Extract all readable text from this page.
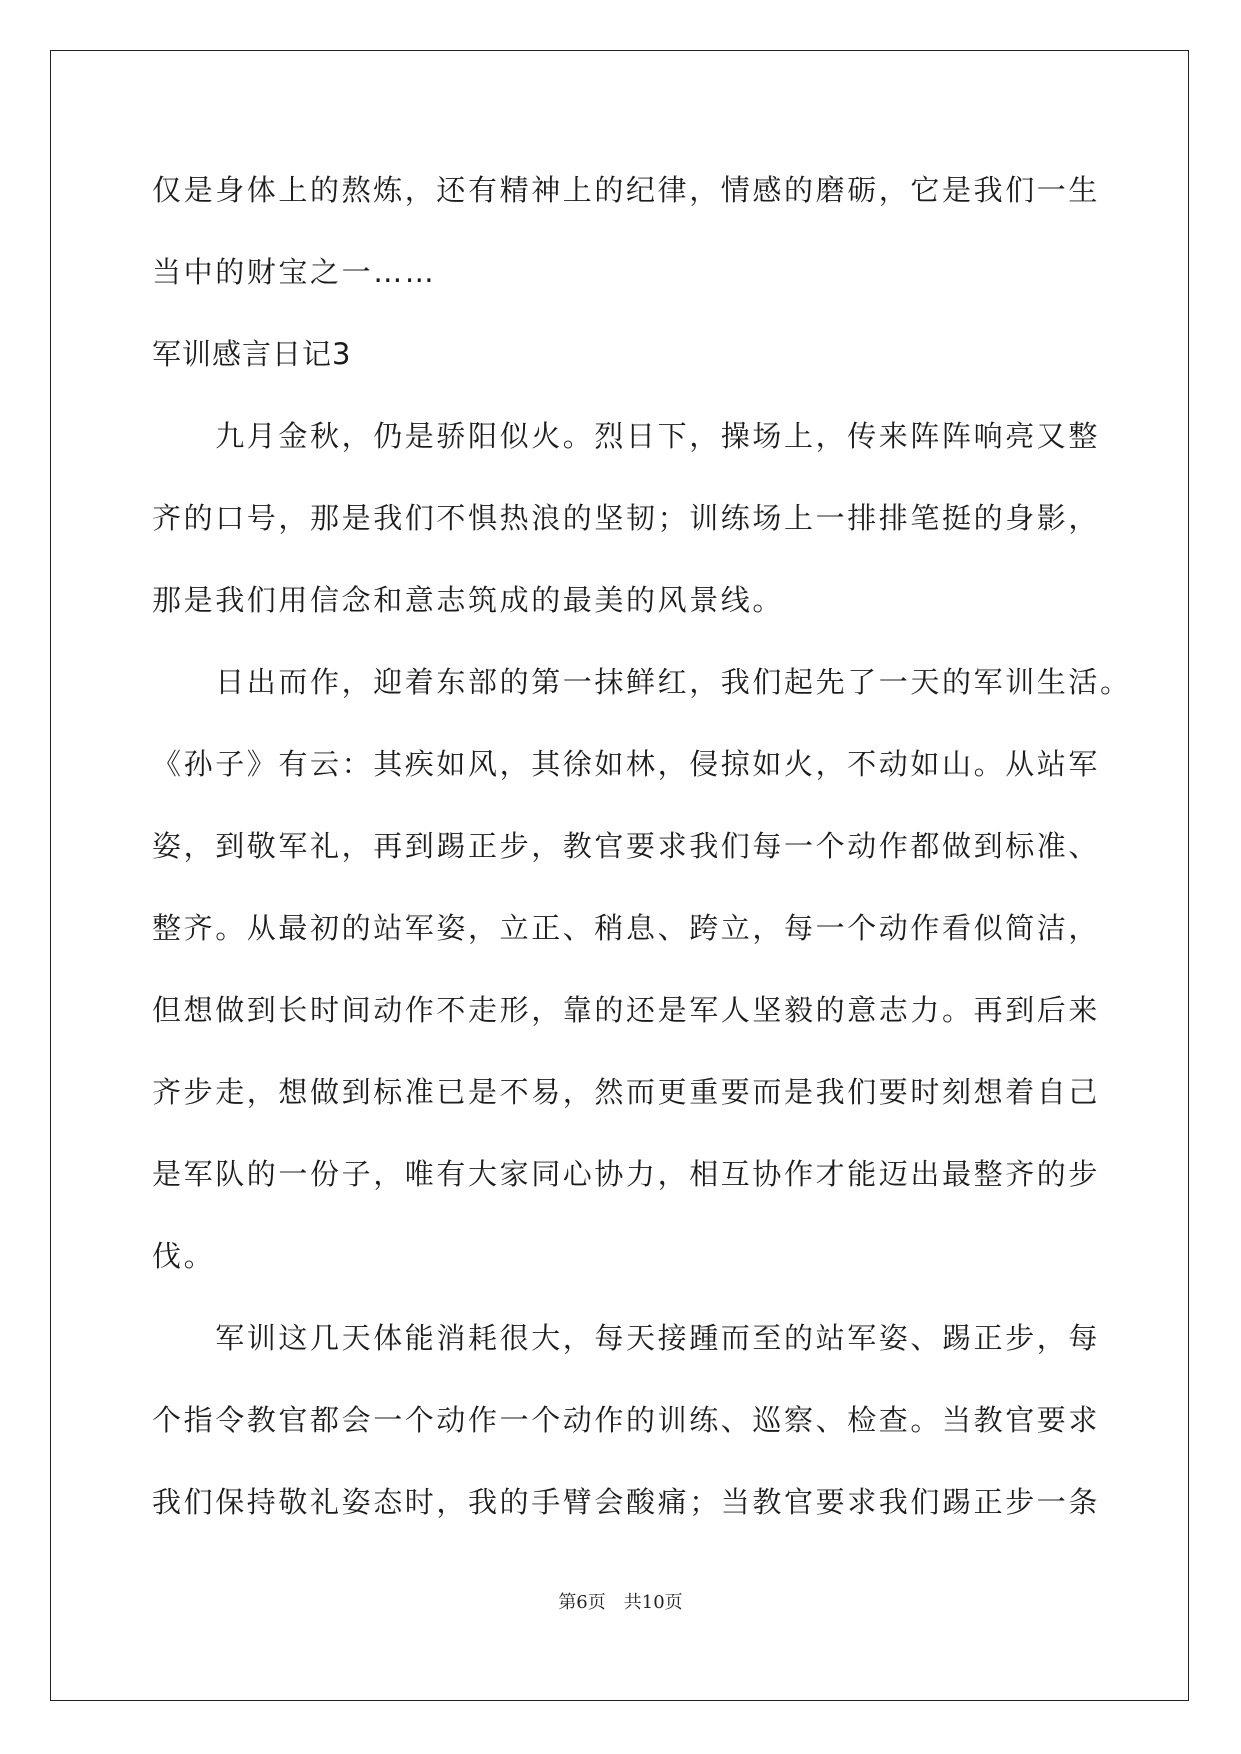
仅是身体上的熬炼，还有精神上的纪律，情感的磨砺，它是我们一生
当中的财宝之一……
军训感言日记3
　　九月金秋，仍是骄阳似火。烈日下，操场上，传来阵阵响亮又整
齐的口号，那是我们不惧热浪的坚韧；训练场上一排排笔挺的身影，
那是我们用信念和意志筑成的最美的风景线。
　　日出而作，迎着东部的第一抹鲜红，我们起先了一天的军训生活。
《孙子》有云：其疾如风，其徐如林，侵掠如火，不动如山。从站军
姿，到敬军礼，再到踢正步，教官要求我们每一个动作都做到标准、
整齐。从最初的站军姿，立正、稍息、跨立，每一个动作看似简洁，
但想做到长时间动作不走形，靠的还是军人坚毅的意志力。再到后来
齐步走，想做到标准已是不易，然而更重要而是我们要时刻想着自己
是军队的一份子，唯有大家同心协力，相互协作才能迈出最整齐的步
伐。
　　军训这几天体能消耗很大，每天接踵而至的站军姿、踢正步，每
个指令教官都会一个动作一个动作的训练、巡察、检查。当教官要求
我们保持敬礼姿态时，我的手臂会酸痛；当教官要求我们踢正步一条
第6页　共10页
